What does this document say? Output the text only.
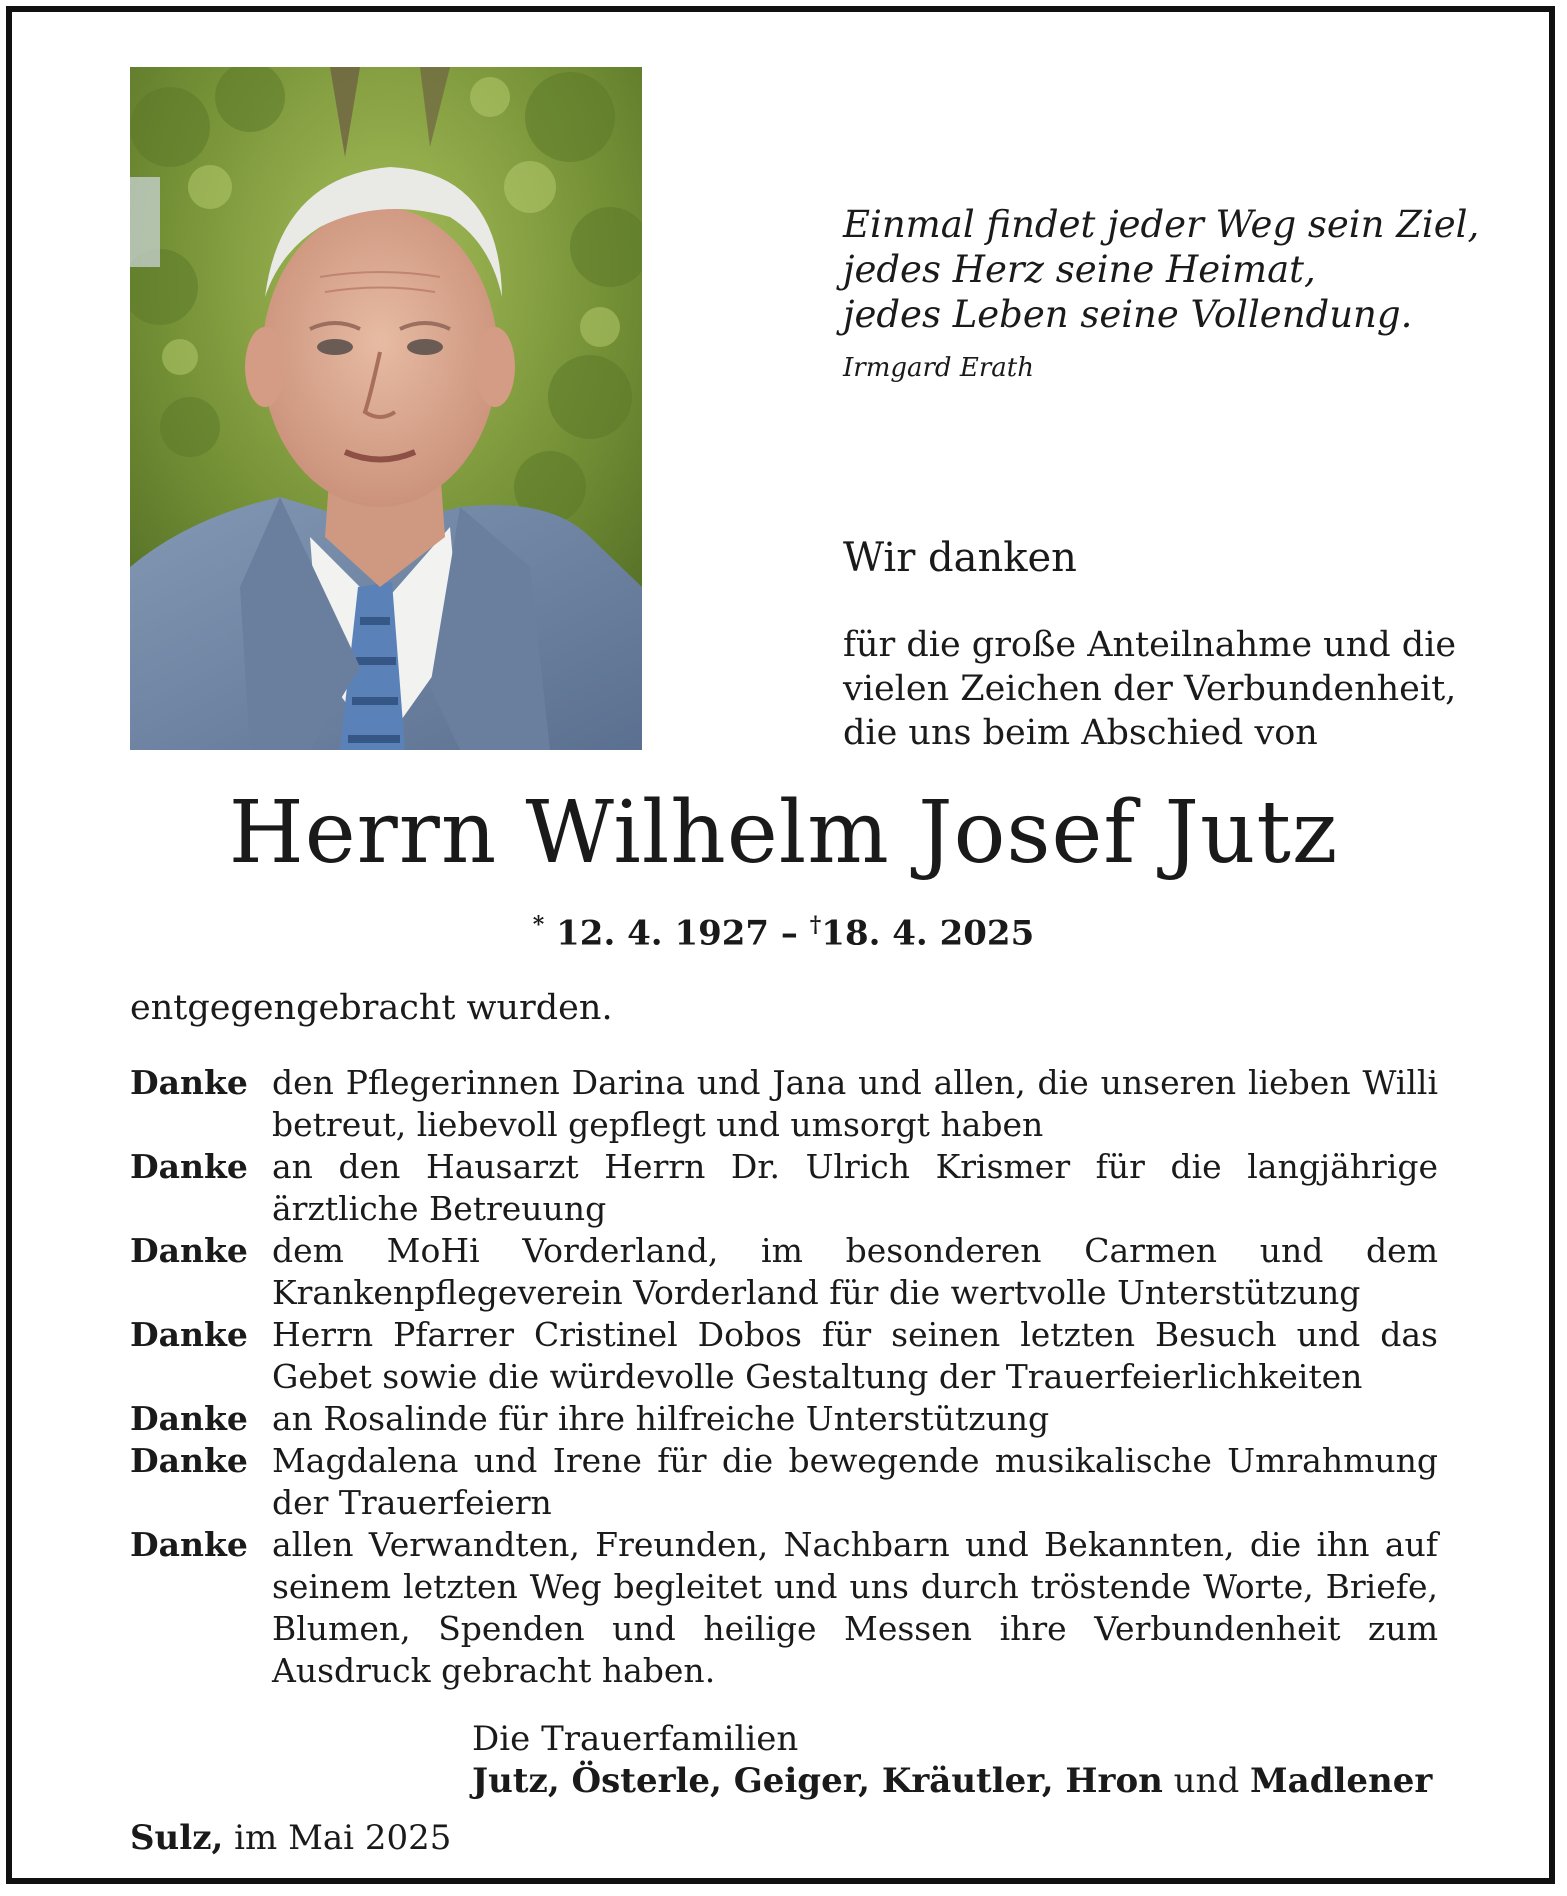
Einmal findet jeder Weg sein Ziel,
jedes Herz seine Heimat,
jedes Leben seine Vollendung.
Irmgard Erath
Wir danken
für die große Anteilnahme und die
vielen Zeichen der Verbundenheit,
die uns beim Abschied von
Herrn Wilhelm Josef Jutz
* 12. 4. 1927 – †18. 4. 2025
entgegengebracht wurden.
Danke den Pflegerinnen Darina und Jana und allen, die unseren lieben Willi betreut, liebevoll gepflegt und umsorgt haben
Danke an den Hausarzt Herrn Dr. Ulrich Krismer für die langjährige ärztliche Betreuung
Danke dem MoHi Vorderland, im besonderen Carmen und dem Krankenpflegeverein Vorderland für die wertvolle Unterstützung
Danke Herrn Pfarrer Cristinel Dobos für seinen letzten Besuch und das Gebet sowie die würdevolle Gestaltung der Trauerfeierlichkeiten
Danke an Rosalinde für ihre hilfreiche Unterstützung
Danke Magdalena und Irene für die bewegende musikalische Umrahmung der Trauerfeiern
Danke allen Verwandten, Freunden, Nachbarn und Bekannten, die ihn auf seinem letzten Weg begleitet und uns durch tröstende Worte, Briefe, Blumen, Spenden und heilige Messen ihre Verbundenheit zum Ausdruck gebracht haben.
Die Trauerfamilien
Jutz, Österle, Geiger, Kräutler, Hron und Madlener
Sulz, im Mai 2025
